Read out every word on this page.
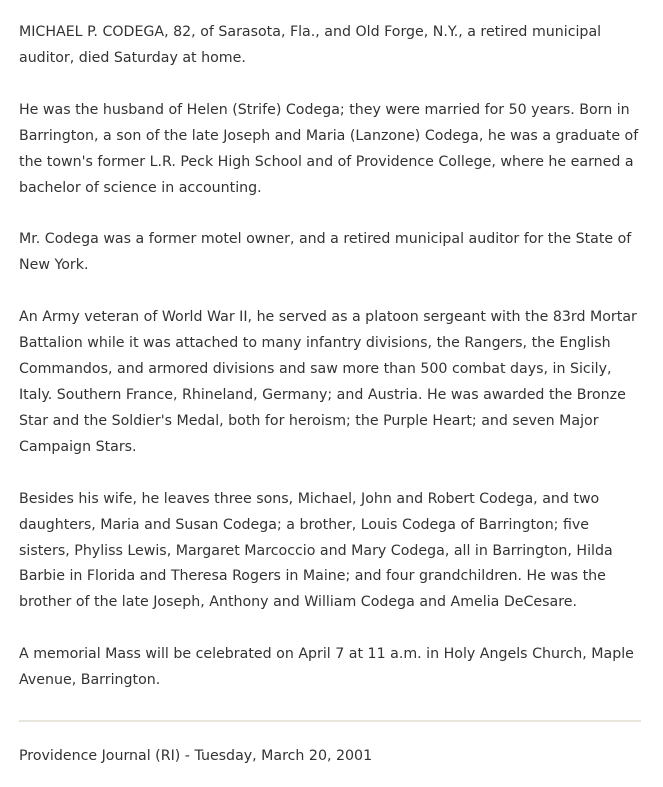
MICHAEL P. CODEGA, 82, of Sarasota, Fla., and Old Forge, N.Y., a retired municipal auditor, died Saturday at home.

He was the husband of Helen (Strife) Codega; they were married for 50 years. Born in Barrington, a son of the late Joseph and Maria (Lanzone) Codega, he was a graduate of the town's former L.R. Peck High School and of Providence College, where he earned a bachelor of science in accounting.

Mr. Codega was a former motel owner, and a retired municipal auditor for the State of New York.

An Army veteran of World War II, he served as a platoon sergeant with the 83rd Mortar Battalion while it was attached to many infantry divisions, the Rangers, the English Commandos, and armored divisions and saw more than 500 combat days, in Sicily, Italy. Southern France, Rhineland, Germany; and Austria. He was awarded the Bronze Star and the Soldier's Medal, both for heroism; the Purple Heart; and seven Major Campaign Stars.

Besides his wife, he leaves three sons, Michael, John and Robert Codega, and two daughters, Maria and Susan Codega; a brother, Louis Codega of Barrington; five sisters, Phyliss Lewis, Margaret Marcoccio and Mary Codega, all in Barrington, Hilda Barbie in Florida and Theresa Rogers in Maine; and four grandchildren. He was the brother of the late Joseph, Anthony and William Codega and Amelia DeCesare.

A memorial Mass will be celebrated on April 7 at 11 a.m. in Holy Angels Church, Maple Avenue, Barrington.

Providence Journal (RI) - Tuesday, March 20, 2001
